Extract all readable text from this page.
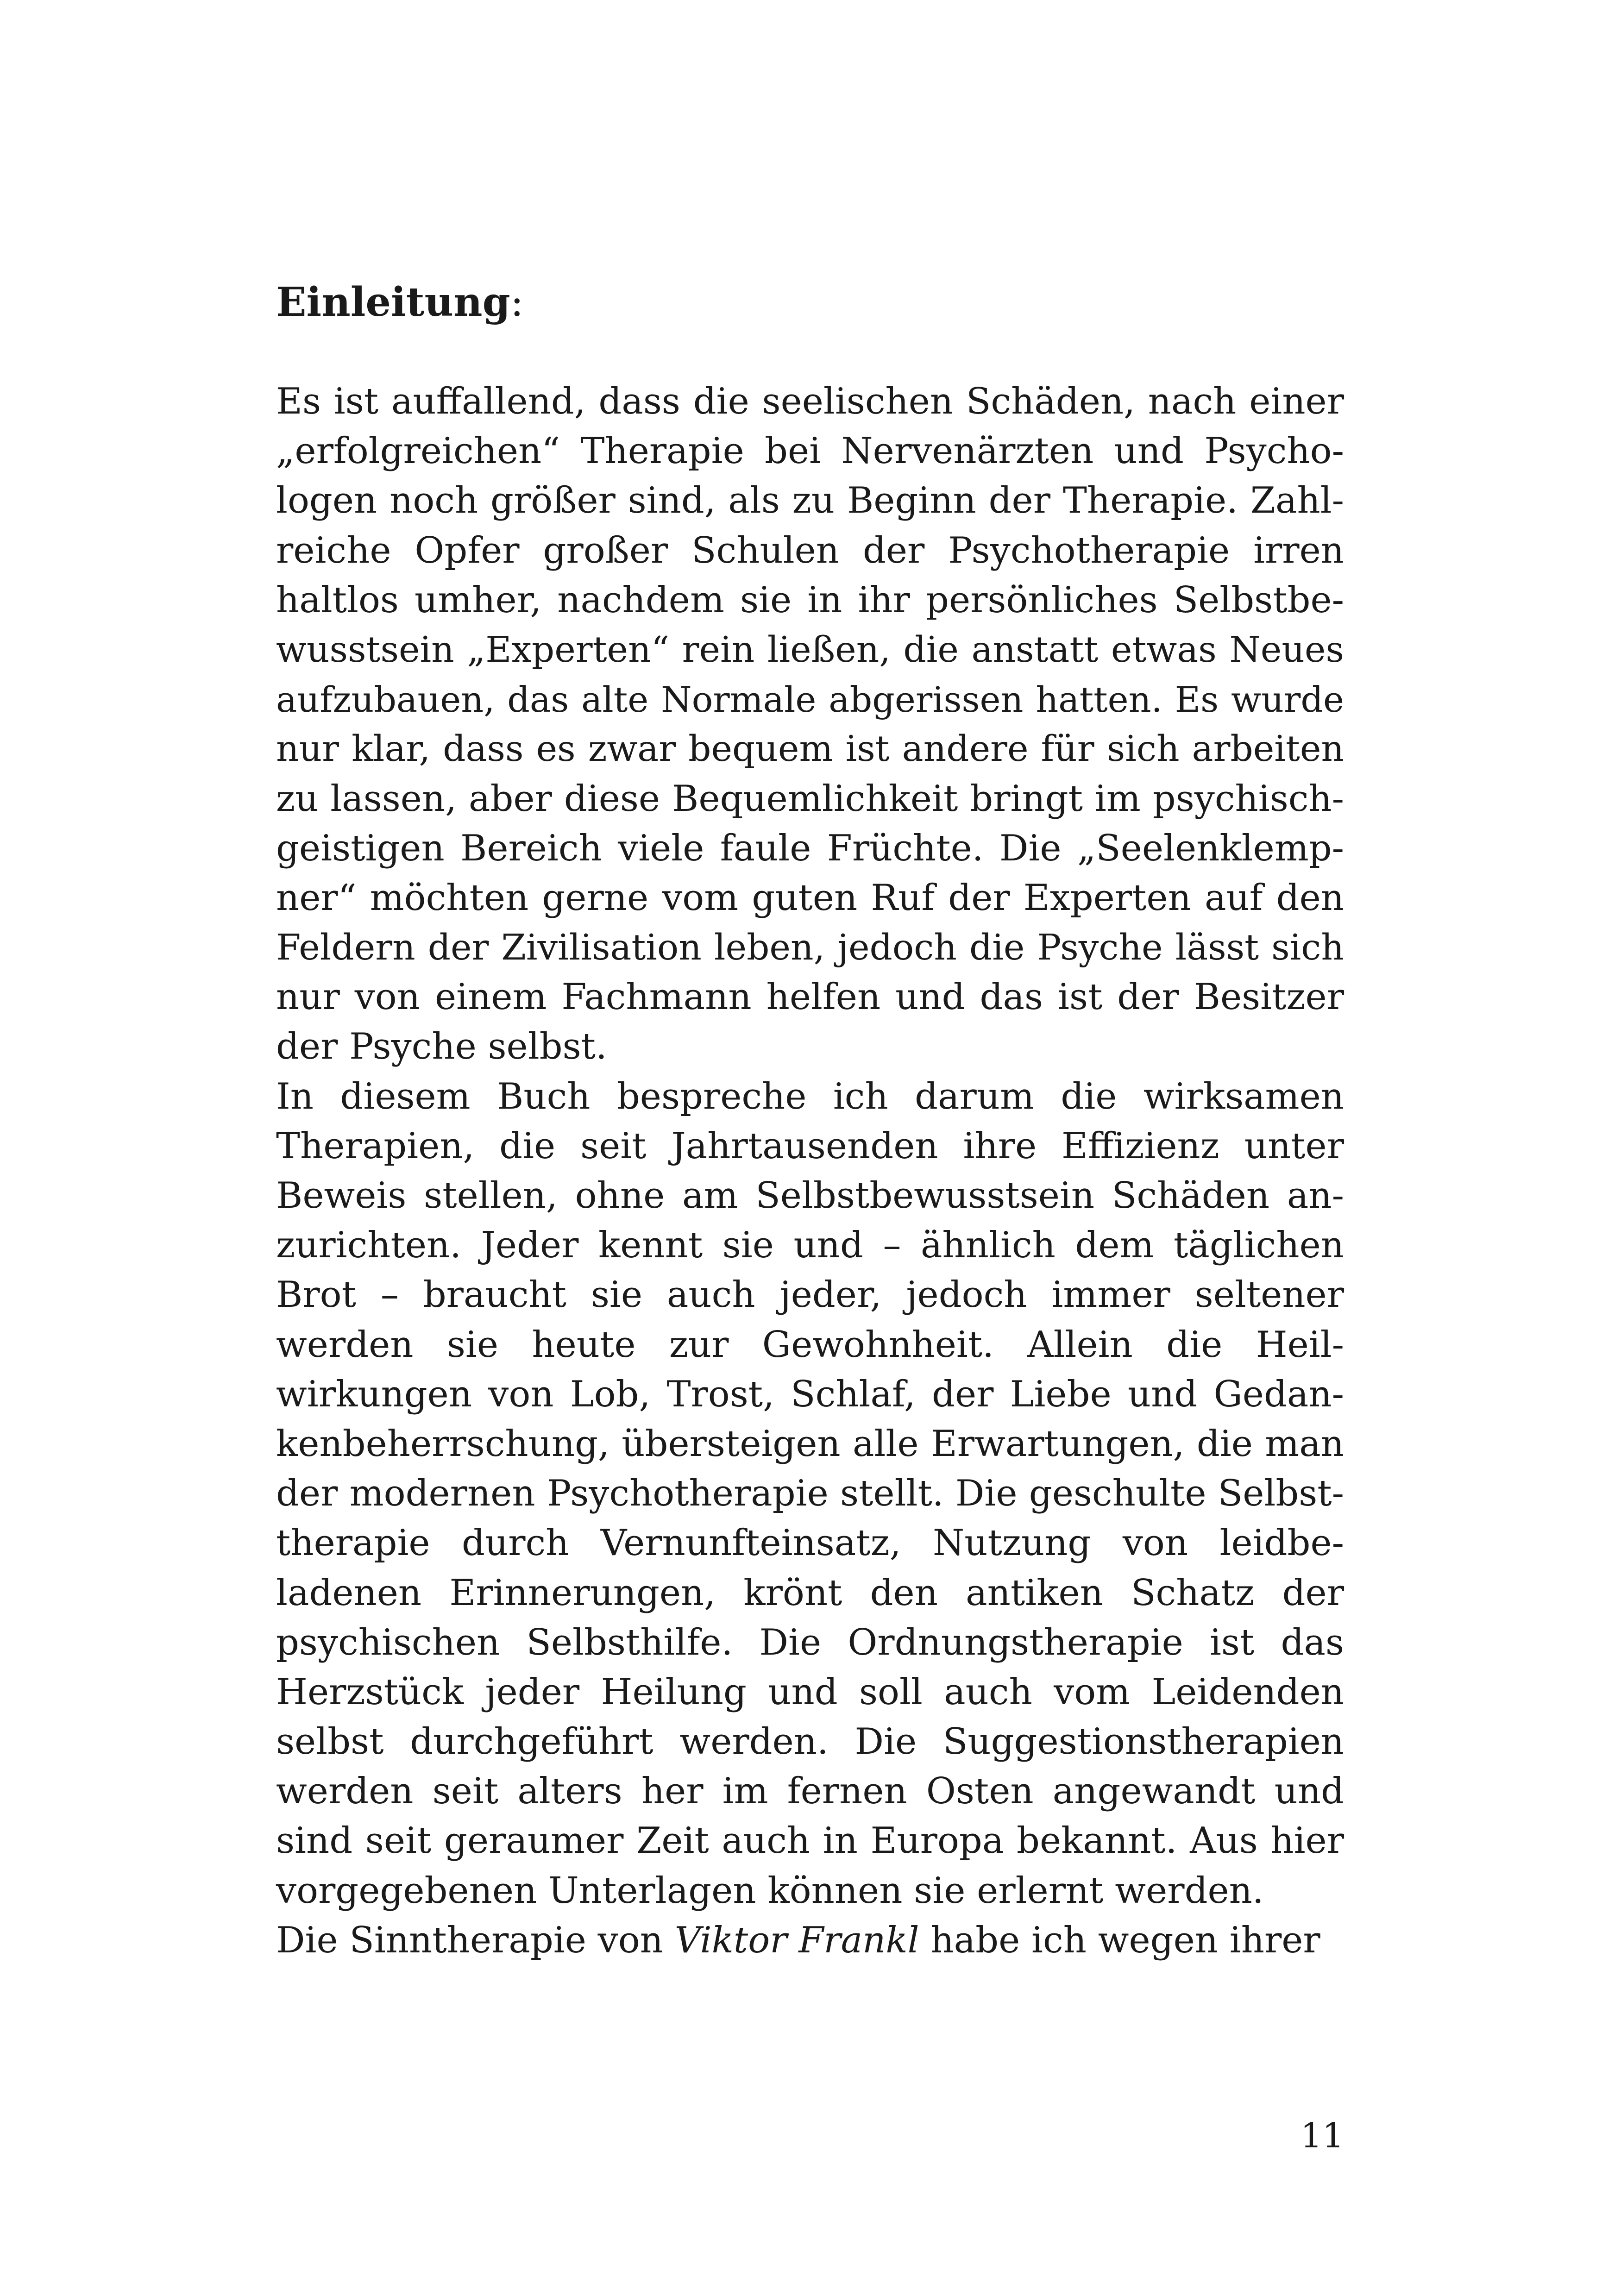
Einleitung:
Es ist auffallend, dass die seelischen Schäden, nach einer
„erfolgreichen“ Therapie bei Nervenärzten und Psycho-
logen noch größer sind, als zu Beginn der Therapie. Zahl-
reiche Opfer großer Schulen der Psychotherapie irren
haltlos umher, nachdem sie in ihr persönliches Selbstbe-
wusstsein „Experten“ rein ließen, die anstatt etwas Neues
aufzubauen, das alte Normale abgerissen hatten. Es wurde
nur klar, dass es zwar bequem ist andere für sich arbeiten
zu lassen, aber diese Bequemlichkeit bringt im psychisch-
geistigen Bereich viele faule Früchte. Die „Seelenklemp-
ner“ möchten gerne vom guten Ruf der Experten auf den
Feldern der Zivilisation leben, jedoch die Psyche lässt sich
nur von einem Fachmann helfen und das ist der Besitzer
der Psyche selbst.
In diesem Buch bespreche ich darum die wirksamen
Therapien, die seit Jahrtausenden ihre Effizienz unter
Beweis stellen, ohne am Selbstbewusstsein Schäden an-
zurichten. Jeder kennt sie und – ähnlich dem täglichen
Brot – braucht sie auch jeder, jedoch immer seltener
werden sie heute zur Gewohnheit. Allein die Heil-
wirkungen von Lob, Trost, Schlaf, der Liebe und Gedan-
kenbeherrschung, übersteigen alle Erwartungen, die man
der modernen Psychotherapie stellt. Die geschulte Selbst-
therapie durch Vernunfteinsatz, Nutzung von leidbe-
ladenen Erinnerungen, krönt den antiken Schatz der
psychischen Selbsthilfe. Die Ordnungstherapie ist das
Herzstück jeder Heilung und soll auch vom Leidenden
selbst durchgeführt werden. Die Suggestionstherapien
werden seit alters her im fernen Osten angewandt und
sind seit geraumer Zeit auch in Europa bekannt. Aus hier
vorgegebenen Unterlagen können sie erlernt werden.
Die Sinntherapie von Viktor Frankl habe ich wegen ihrer
11
